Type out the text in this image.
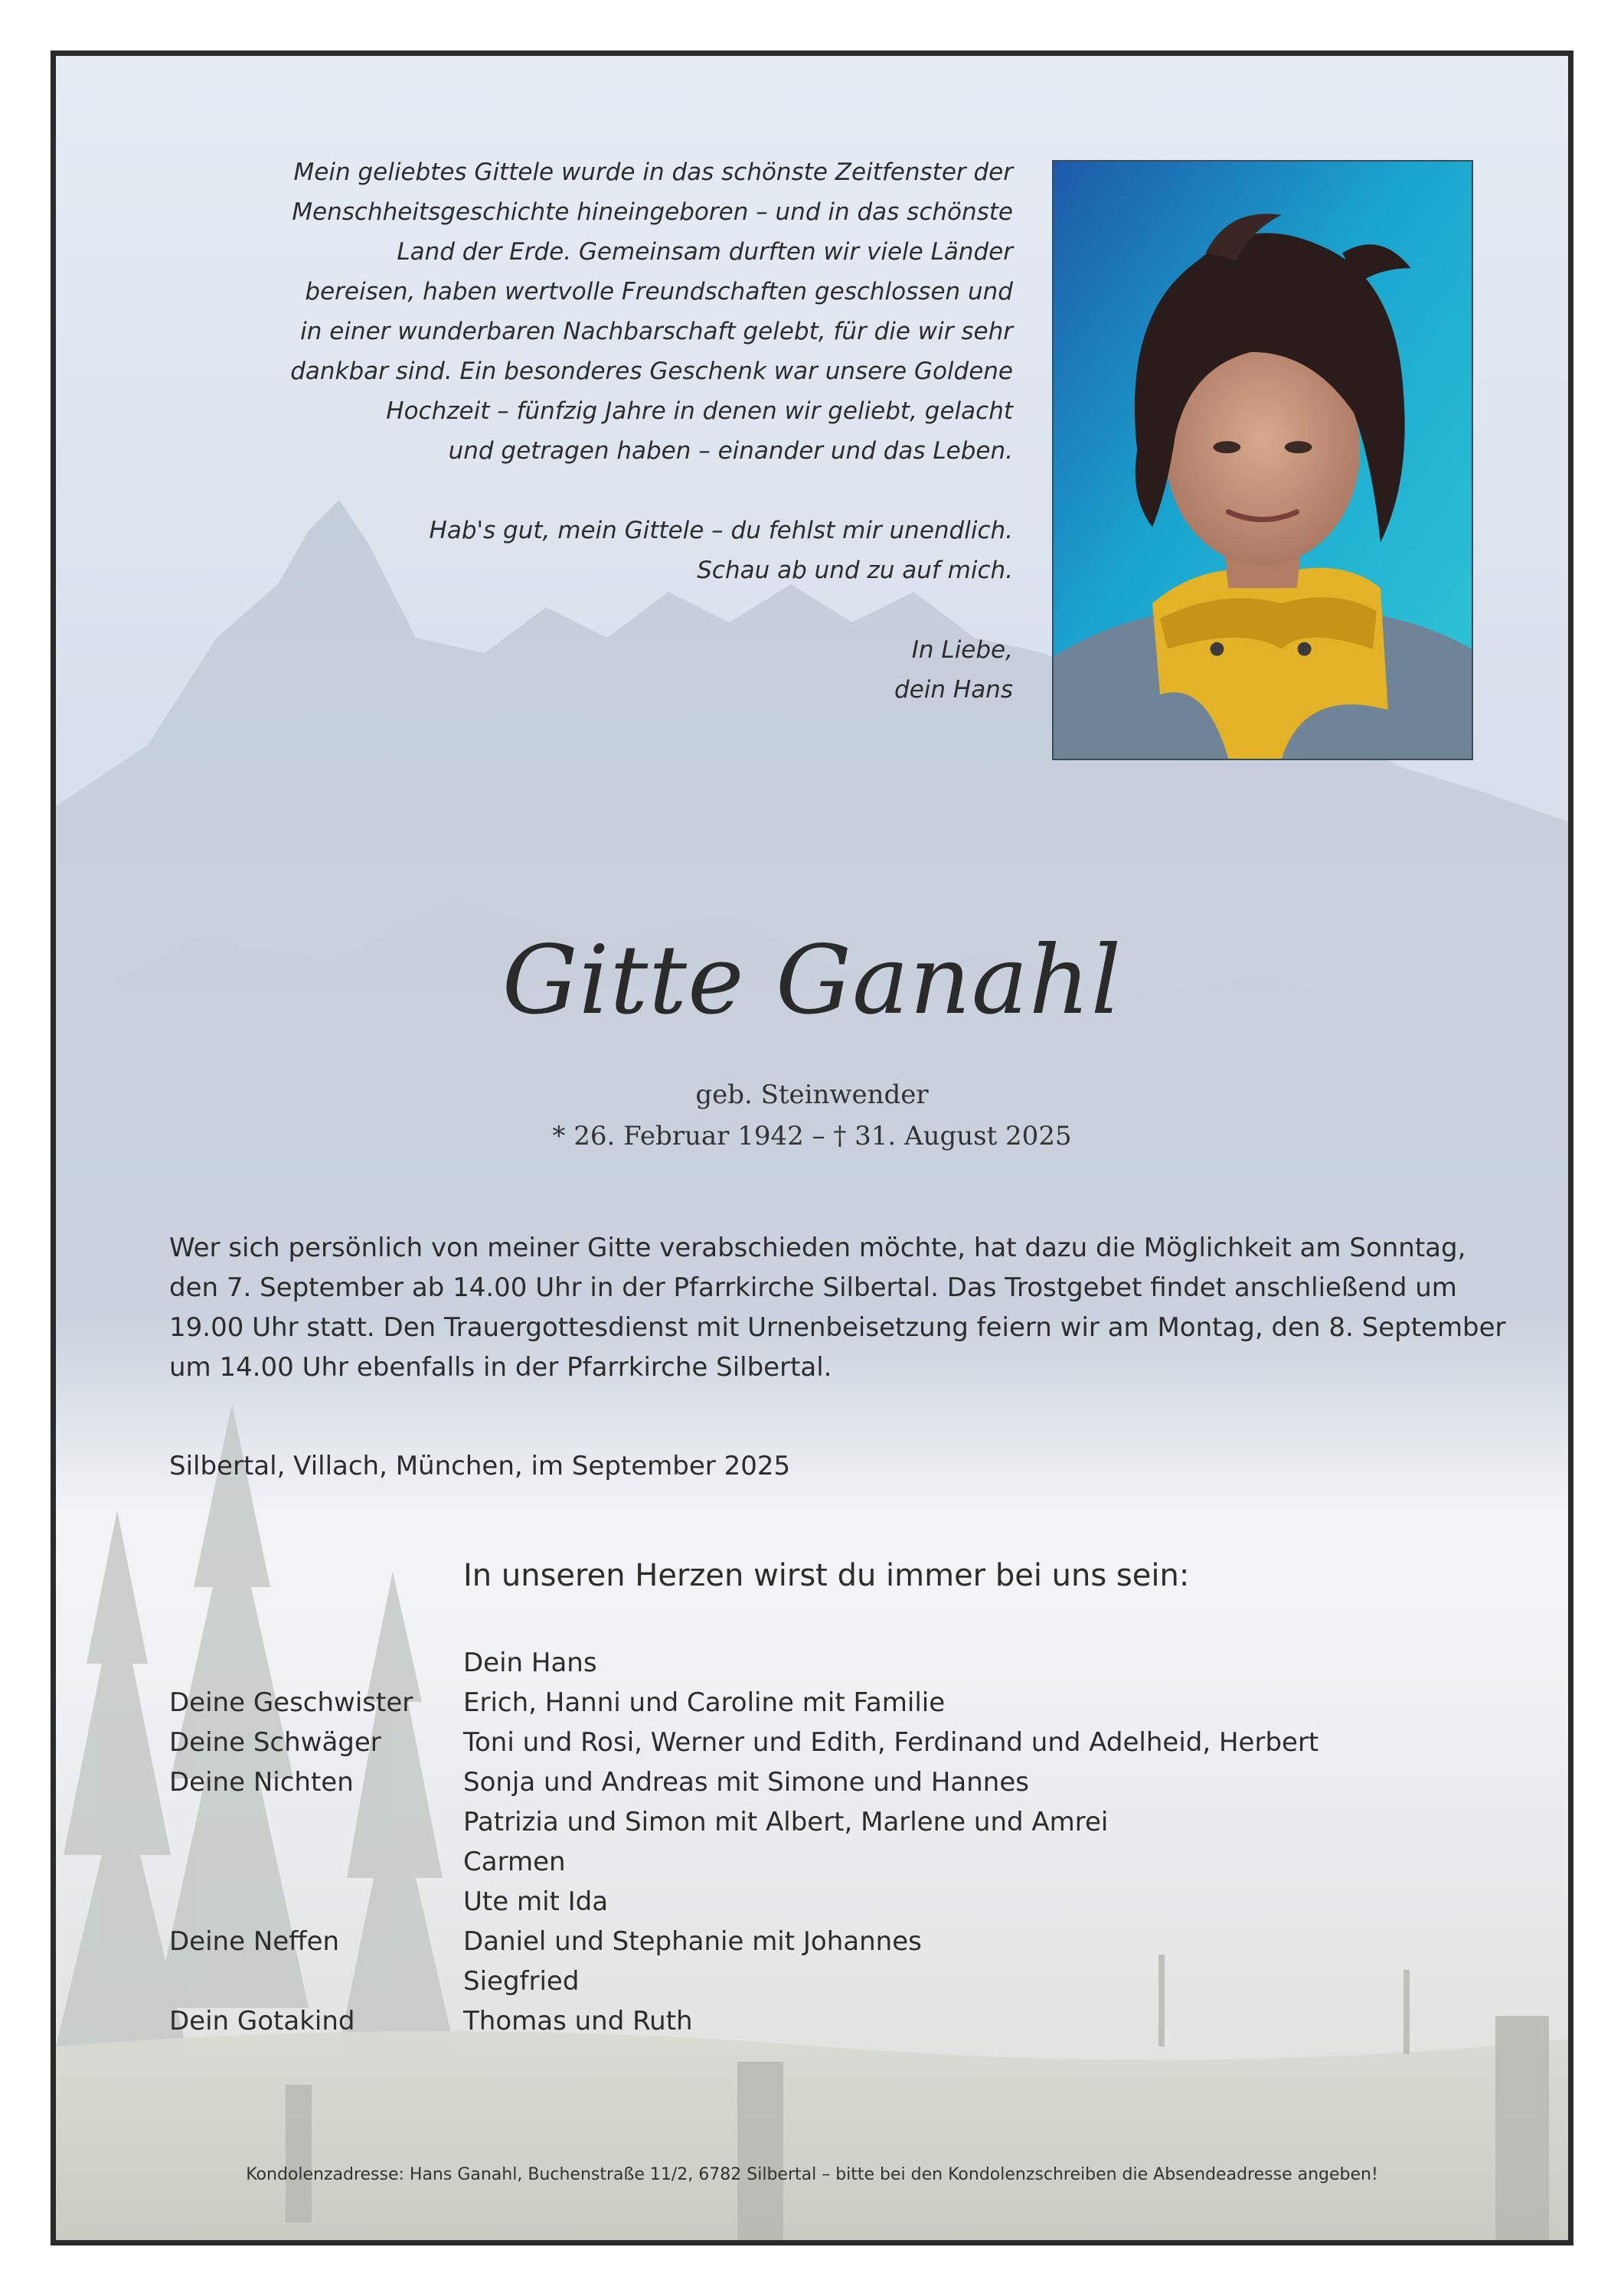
Mein geliebtes Gittele wurde in das schönste Zeitfenster der
Menschheitsgeschichte hineingeboren – und in das schönste
Land der Erde. Gemeinsam durften wir viele Länder
bereisen, haben wertvolle Freundschaften geschlossen und
in einer wunderbaren Nachbarschaft gelebt, für die wir sehr
dankbar sind. Ein besonderes Geschenk war unsere Goldene
Hochzeit – fünfzig Jahre in denen wir geliebt, gelacht
und getragen haben – einander und das Leben.

Hab's gut, mein Gittele – du fehlst mir unendlich.
Schau ab und zu auf mich.

In Liebe,
dein Hans

Gitte Ganahl
geb. Steinwender
* 26. Februar 1942 – † 31. August 2025
Wer sich persönlich von meiner Gitte verabschieden möchte, hat dazu die Möglichkeit am Sonntag, den 7. September ab 14.00 Uhr in der Pfarrkirche Silbertal. Das Trostgebet findet anschließend um 19.00 Uhr statt. Den Trauergottesdienst mit Urnenbeisetzung feiern wir am Montag, den 8. September um 14.00 Uhr ebenfalls in der Pfarrkirche Silbertal.
Silbertal, Villach, München, im September 2025
In unseren Herzen wirst du immer bei uns sein:
Dein Hans
Deine Geschwister	Erich, Hanni und Caroline mit Familie
Deine Schwäger	Toni und Rosi, Werner und Edith, Ferdinand und Adelheid, Herbert
Deine Nichten	Sonja und Andreas mit Simone und Hannes
Patrizia und Simon mit Albert, Marlene und Amrei
Carmen
Ute mit Ida
Deine Neffen	Daniel und Stephanie mit Johannes
Siegfried
Dein Gotakind	Thomas und Ruth
Kondolenzadresse: Hans Ganahl, Buchenstraße 11/2, 6782 Silbertal – bitte bei den Kondolenzschreiben die Absendeadresse angeben!
